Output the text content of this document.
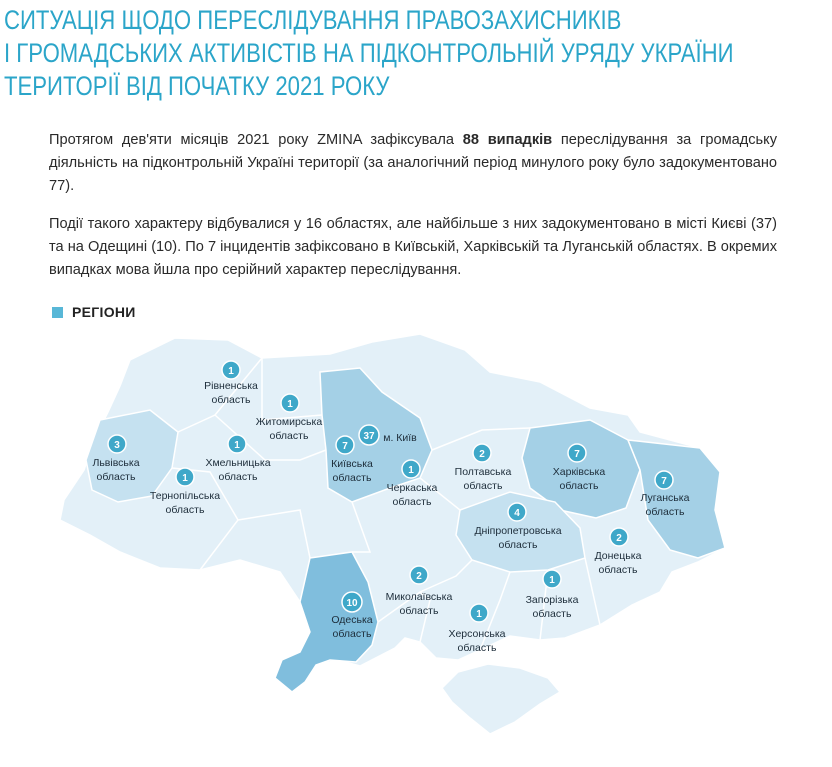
СИТУАЦІЯ ЩОДО ПЕРЕСЛІДУВАННЯ ПРАВОЗАХИСНИКІВ
І ГРОМАДСЬКИХ АКТИВІСТІВ НА ПІДКОНТРОЛЬНІЙ УРЯДУ УКРАЇНИ
ТЕРИТОРІЇ ВІД ПОЧАТКУ 2021 РОКУ

Протягом дев'яти місяців 2021 року ZMINA зафіксувала 88 випадків переслідування за громадську діяльність на підконтрольній Україні території (за аналогічний період минулого року було задокументовано 77).

Події такого характеру відбувалися у 16 областях, але найбільше з них задокументовано в місті Києві (37) та на Одещині (10). По 7 інцидентів зафіксовано в Київській, Харківській та Луганській областях. В окремих випадках мова йшла про серійний характер переслідування.

РЕГІОНИ
Рівненська область
Житомирська область
Львівська область
Хмельницька область
Тернопільська область
Київська область
м. Київ
Черкаська область
Полтавська область
Харківська область
Луганська область
Дніпропетровська область
Донецька область
Запорізька область
Миколаївська область
Одеська область	Херсонська область
1
1
3	1
1
7
37
1
2	7
7
4
2
1
2
10
1
